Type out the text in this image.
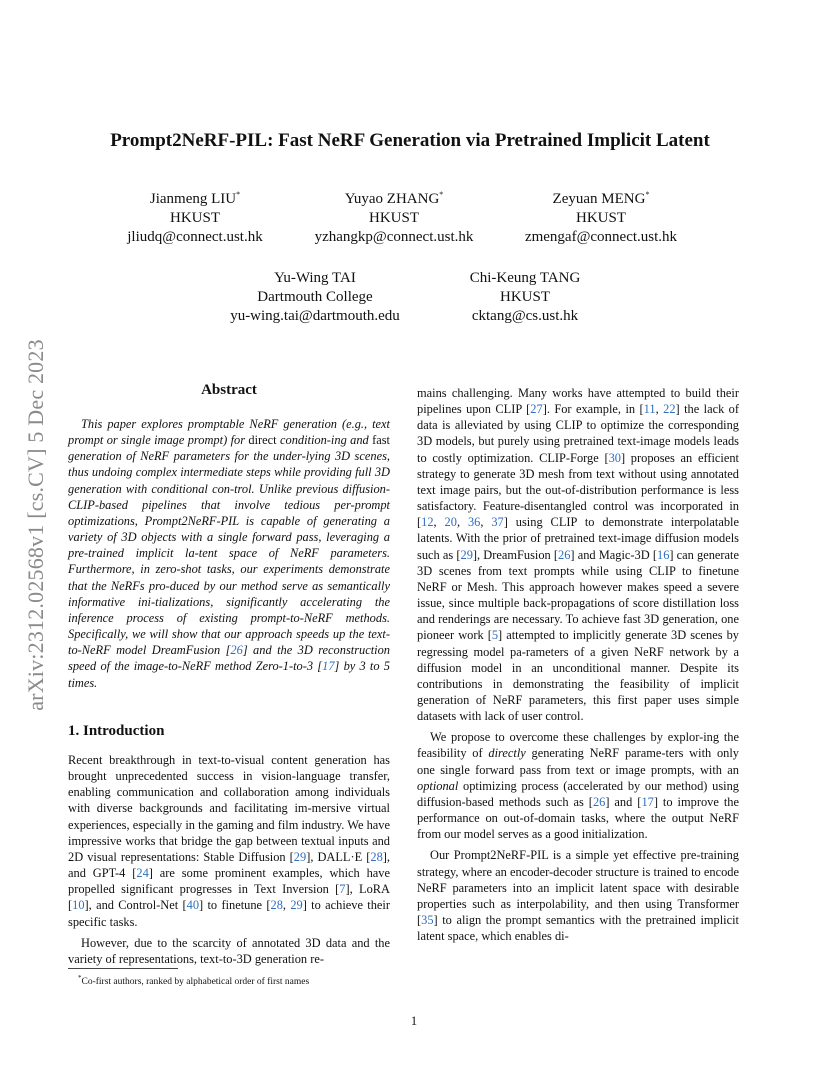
arXiv:2312.02568v1 [cs.CV] 5 Dec 2023
Prompt2NeRF-PIL: Fast NeRF Generation via Pretrained Implicit Latent
Jianmeng LIU*
HKUST
jliudq@connect.ust.hk
Yuyao ZHANG*
HKUST
yzhangkp@connect.ust.hk
Zeyuan MENG*
HKUST
zmengaf@connect.ust.hk
Yu-Wing TAI
Dartmouth College
yu-wing.tai@dartmouth.edu
Chi-Keung TANG
HKUST
cktang@cs.ust.hk
Abstract

This paper explores promptable NeRF generation (e.g., text prompt or single image prompt) for direct condition-ing and fast generation of NeRF parameters for the under-lying 3D scenes, thus undoing complex intermediate steps while providing full 3D generation with conditional con-trol. Unlike previous diffusion-CLIP-based pipelines that involve tedious per-prompt optimizations, Prompt2NeRF-PIL is capable of generating a variety of 3D objects with a single forward pass, leveraging a pre-trained implicit la-tent space of NeRF parameters. Furthermore, in zero-shot tasks, our experiments demonstrate that the NeRFs pro-duced by our method serve as semantically informative ini-tializations, significantly accelerating the inference process of existing prompt-to-NeRF methods. Specifically, we will show that our approach speeds up the text-to-NeRF model DreamFusion [26] and the 3D reconstruction speed of the image-to-NeRF method Zero-1-to-3 [17] by 3 to 5 times.

1. Introduction

Recent breakthrough in text-to-visual content generation has brought unprecedented success in vision-language transfer, enabling communication and collaboration among individuals with diverse backgrounds and facilitating im-mersive virtual experiences, especially in the gaming and film industry. We have impressive works that bridge the gap between textual inputs and 2D visual representations: Stable Diffusion [29], DALL·E [28], and GPT-4 [24] are some prominent examples, which have propelled significant progresses in Text Inversion [7], LoRA [10], and Control-Net [40] to finetune [28, 29] to achieve their specific tasks.

However, due to the scarcity of annotated 3D data and the variety of representations, text-to-3D generation re-

mains challenging. Many works have attempted to build their pipelines upon CLIP [27]. For example, in [11, 22] the lack of data is alleviated by using CLIP to optimize the corresponding 3D models, but purely using pretrained text-image models leads to costly optimization. CLIP-Forge [30] proposes an efficient strategy to generate 3D mesh from text without using annotated text image pairs, but the out-of-distribution performance is less satisfactory. Feature-disentangled control was incorporated in [12, 20, 36, 37] using CLIP to demonstrate interpolatable latents. With the prior of pretrained text-image diffusion models such as [29], DreamFusion [26] and Magic-3D [16] can generate 3D scenes from text prompts while using CLIP to finetune NeRF or Mesh. This approach however makes speed a severe issue, since multiple back-propagations of score distillation loss and renderings are necessary. To achieve fast 3D generation, one pioneer work [5] attempted to implicitly generate 3D scenes by regressing model pa-rameters of a given NeRF network by a diffusion model in an unconditional manner. Despite its contributions in demonstrating the feasibility of implicit generation of NeRF parameters, this first paper uses simple datasets with lack of user control.

We propose to overcome these challenges by explor-ing the feasibility of directly generating NeRF parame-ters with only one single forward pass from text or image prompts, with an optional optimizing process (accelerated by our method) using diffusion-based methods such as [26] and [17] to improve the performance on out-of-domain tasks, where the output NeRF from our model serves as a good initialization.

Our Prompt2NeRF-PIL is a simple yet effective pre-training strategy, where an encoder-decoder structure is trained to encode NeRF parameters into an implicit latent space with desirable properties such as interpolability, and then using Transformer [35] to align the prompt semantics with the pretrained implicit latent space, which enables di-

*Co-first authors, ranked by alphabetical order of first names
1
